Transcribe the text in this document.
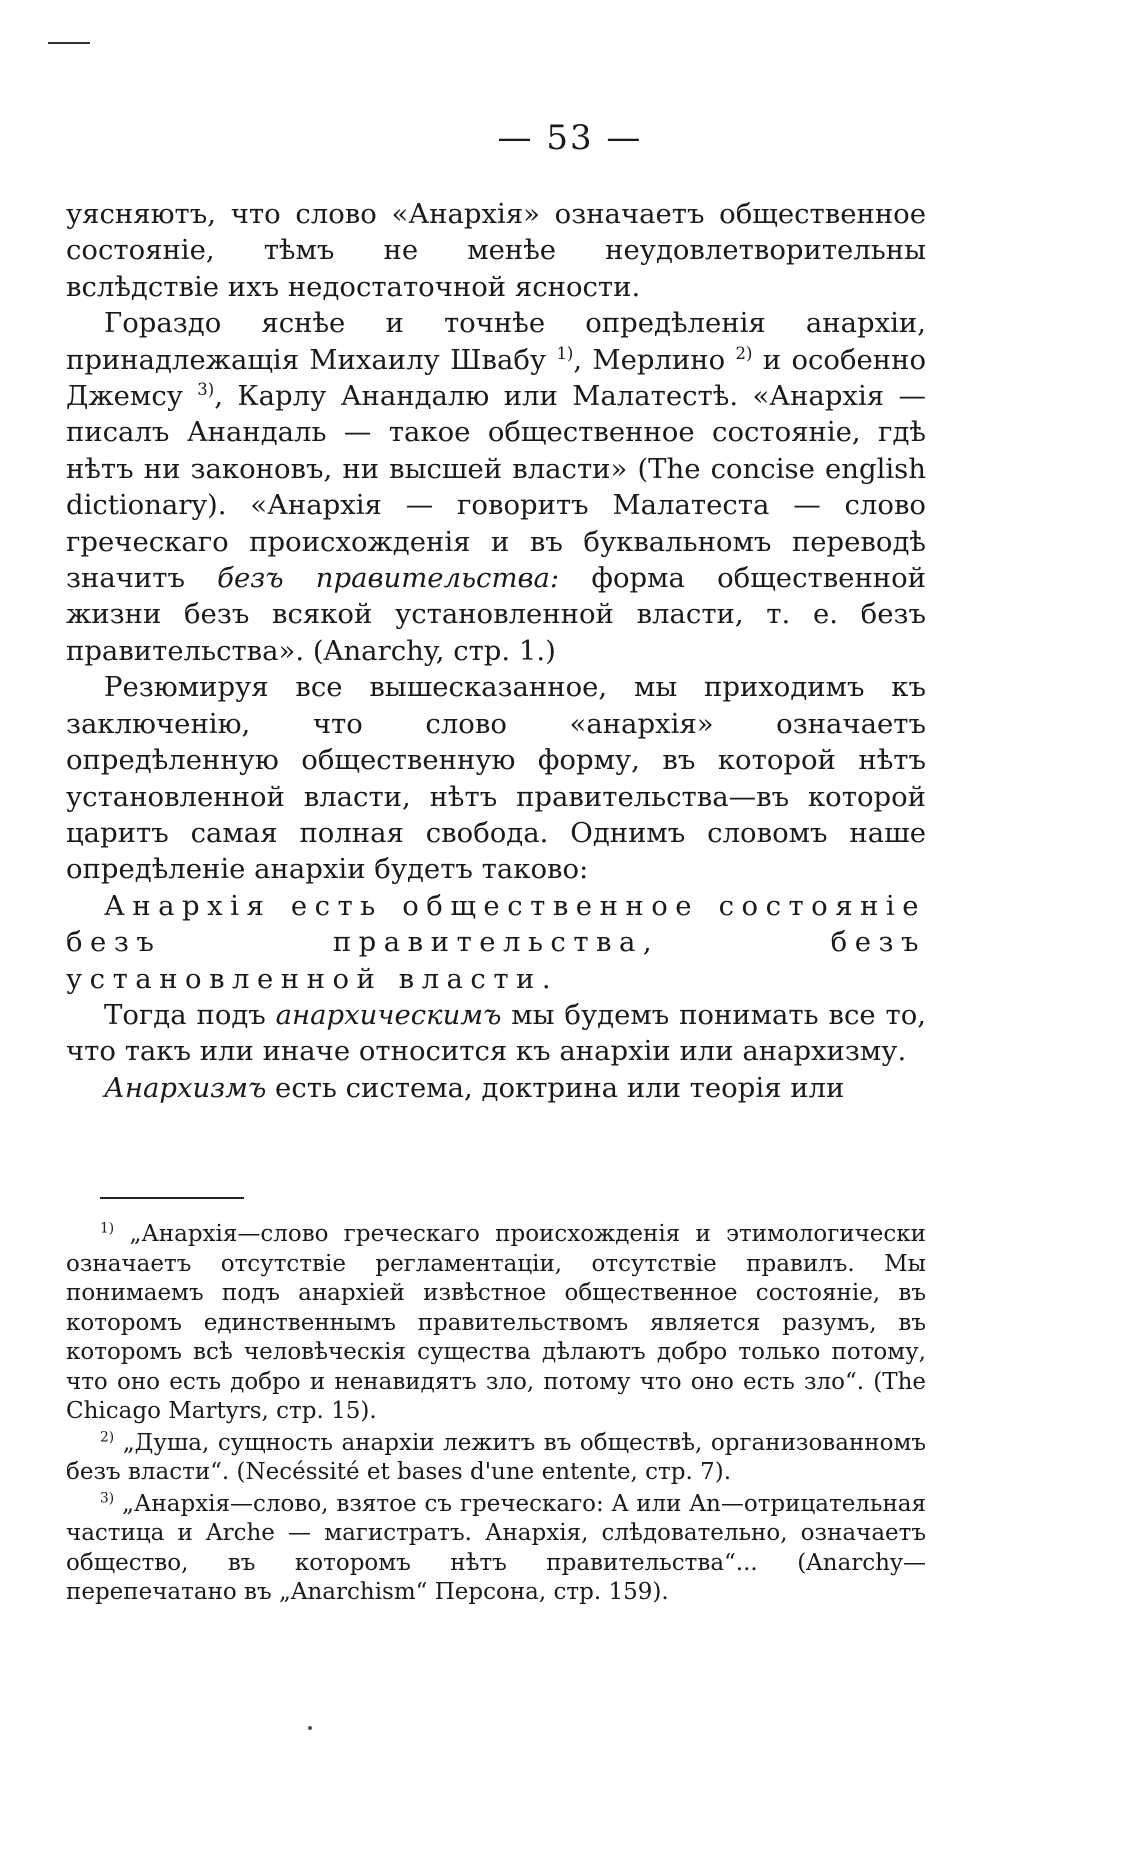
— 53 —

уясняютъ, что слово «Анархія» означаетъ общественное состояніе, тѣмъ не менѣе неудовлетворительны вслѣдствіе ихъ недостаточной ясности.

Гораздо яснѣе и точнѣе опредѣленія анархіи, принадлежащія Михаилу Швабу $^{1)}$, Мерлино $^{2)}$ и особенно Джемсу $^{3)}$, Карлу Анандалю или Малатестѣ. «Анархія — писалъ Анандаль — такое общественное состояніе, гдѣ нѣтъ ни законовъ, ни высшей власти» (The concise english dictionary). «Анархія — говоритъ Малатеста — слово греческаго происхожденія и въ буквальномъ переводѣ значитъ безъ правительства: форма общественной жизни безъ всякой установленной власти, т. е. безъ правительства». (Anarchy, стр. 1.)

Резюмируя все вышесказанное, мы приходимъ къ заключенію, что слово «анархія» означаетъ опредѣленную общественную форму, въ которой нѣтъ установленной власти, нѣтъ правительства—въ которой царитъ самая полная свобода. Однимъ словомъ наше опредѣленіе анархіи будетъ таково:

Анархія есть общественное состояніе безъ правительства, безъ установленной власти.

Тогда подъ анархическимъ мы будемъ понимать все то, что такъ или иначе относится къ анархіи или анархизму.

Анархизмъ есть система, доктрина или теорія или

$^{1)}$ „Анархія—слово греческаго происхожденія и этимологически означаетъ отсутствіе регламентаціи, отсутствіе правилъ. Мы понимаемъ подъ анархіей извѣстное общественное состояніе, въ которомъ единственнымъ правительствомъ является разумъ, въ которомъ всѣ человѣческія существа дѣлаютъ добро только потому, что оно есть добро и ненавидятъ зло, потому что оно есть зло“. (The Chicago Martyrs, стр. 15).

$^{2)}$ „Душа, сущность анархіи лежитъ въ обществѣ, организованномъ безъ власти“. (Necéssité et bases d'une entente, стр. 7).

$^{3)}$ „Анархія—слово, взятое съ греческаго: A или An—отрицательная частица и Arche — магистратъ. Анархія, слѣдовательно, означаетъ общество, въ которомъ нѣтъ правительства“... (Anarchy—перепечатано въ „Anarchism“ Персона, стр. 159).
